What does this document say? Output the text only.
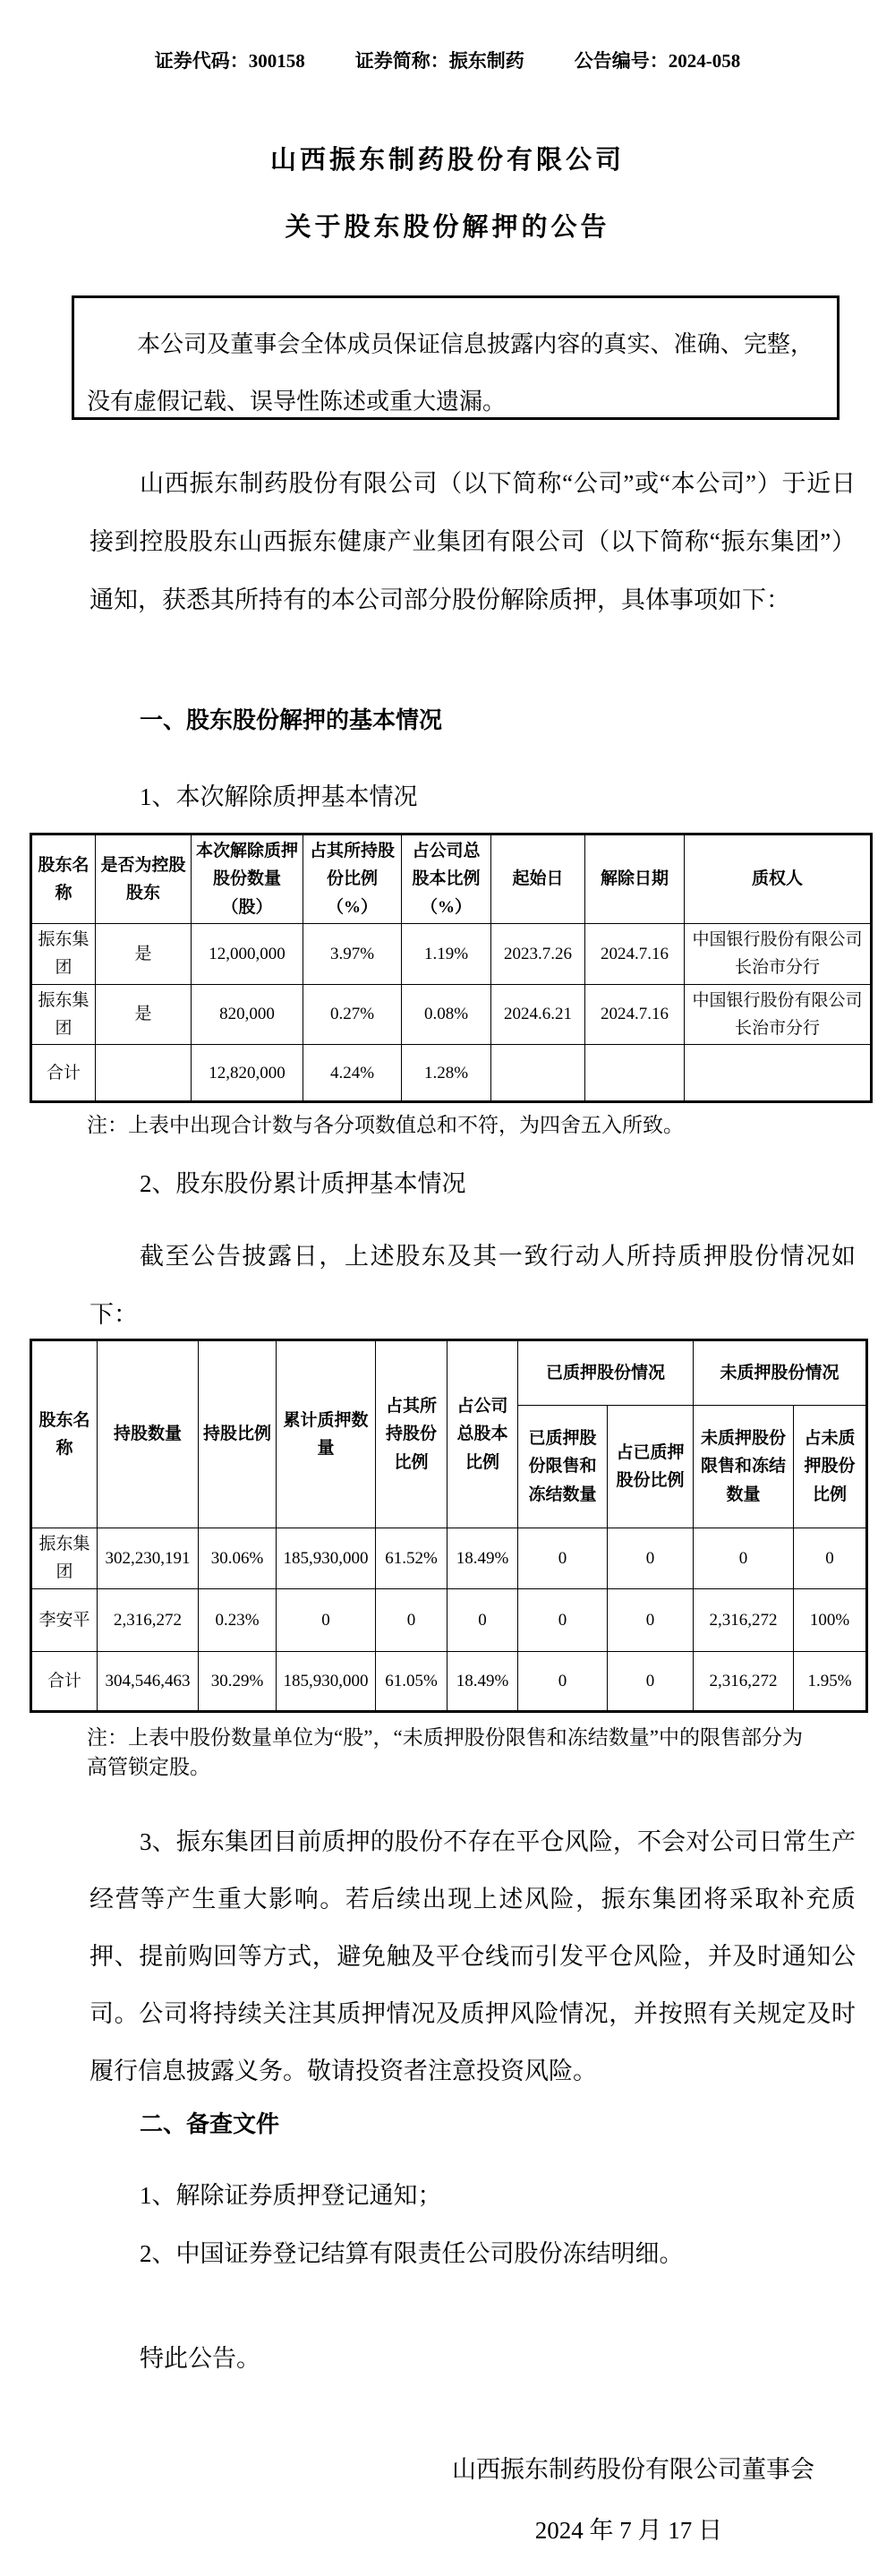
证券代码：300158	证券简称：振东制药	公告编号：2024-058
山西振东制药股份有限公司
关于股东股份解押的公告
本公司及董事会全体成员保证信息披露内容的真实、准确、完整，没有虚假记载、误导性陈述或重大遗漏。
山西振东制药股份有限公司（以下简称“公司”或“本公司”）于近日接到控股股东山西振东健康产业集团有限公司（以下简称“振东集团”）通知，获悉其所持有的本公司部分股份解除质押，具体事项如下：
一、股东股份解押的基本情况
1、本次解除质押基本情况
股东名称	是否为控股股东	本次解除质押股份数量（股）	占其所持股份比例（%）	占公司总股本比例（%）	起始日	解除日期	质权人
振东集团	是	12,000,000	3.97%	1.19%	2023.7.26	2024.7.16	中国银行股份有限公司长治市分行
振东集团	是	820,000	0.27%	0.08%	2024.6.21	2024.7.16	中国银行股份有限公司长治市分行
合计		12,820,000	4.24%	1.28%			
注：上表中出现合计数与各分项数值总和不符，为四舍五入所致。
2、股东股份累计质押基本情况
截至公告披露日，上述股东及其一致行动人所持质押股份情况如下：
股东名称	持股数量	持股比例	累计质押数量	占其所持股份比例	占公司总股本比例	已质押股份情况		未质押股份情况	
						已质押股份限售和冻结数量	占已质押股份比例	未质押股份限售和冻结数量	占未质押股份比例
振东集团	302,230,191	30.06%	185,930,000	61.52%	18.49%	0	0	0	0
李安平	2,316,272	0.23%	0	0	0	0	0	2,316,272	100%
合计	304,546,463	30.29%	185,930,000	61.05%	18.49%	0	0	2,316,272	1.95%
注：上表中股份数量单位为“股”，“未质押股份限售和冻结数量”中的限售部分为高管锁定股。
3、振东集团目前质押的股份不存在平仓风险，不会对公司日常生产经营等产生重大影响。若后续出现上述风险，振东集团将采取补充质押、提前购回等方式，避免触及平仓线而引发平仓风险，并及时通知公司。公司将持续关注其质押情况及质押风险情况，并按照有关规定及时履行信息披露义务。敬请投资者注意投资风险。
二、备查文件
1、解除证券质押登记通知；
2、中国证券登记结算有限责任公司股份冻结明细。
特此公告。
山西振东制药股份有限公司董事会
2024 年 7 月 17 日
